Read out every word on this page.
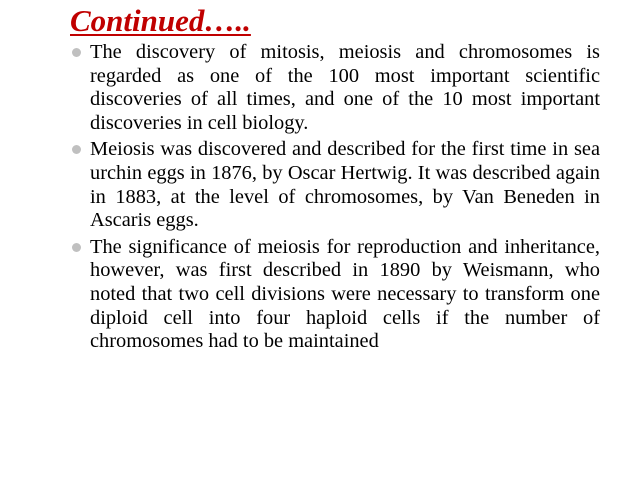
Continued…..
The discovery of mitosis, meiosis and chromosomes is regarded as one of the 100 most important scientific discoveries of all times, and one of the 10 most important discoveries in cell biology.
Meiosis was discovered and described for the first time in sea urchin eggs in 1876, by Oscar Hertwig. It was described again in 1883, at the level of chromosomes, by Van Beneden in Ascaris eggs.
The significance of meiosis for reproduction and inheritance, however, was first described in 1890 by Weismann, who noted that two cell divisions were necessary to transform one diploid cell into four haploid cells if the number of chromosomes had to be maintained
